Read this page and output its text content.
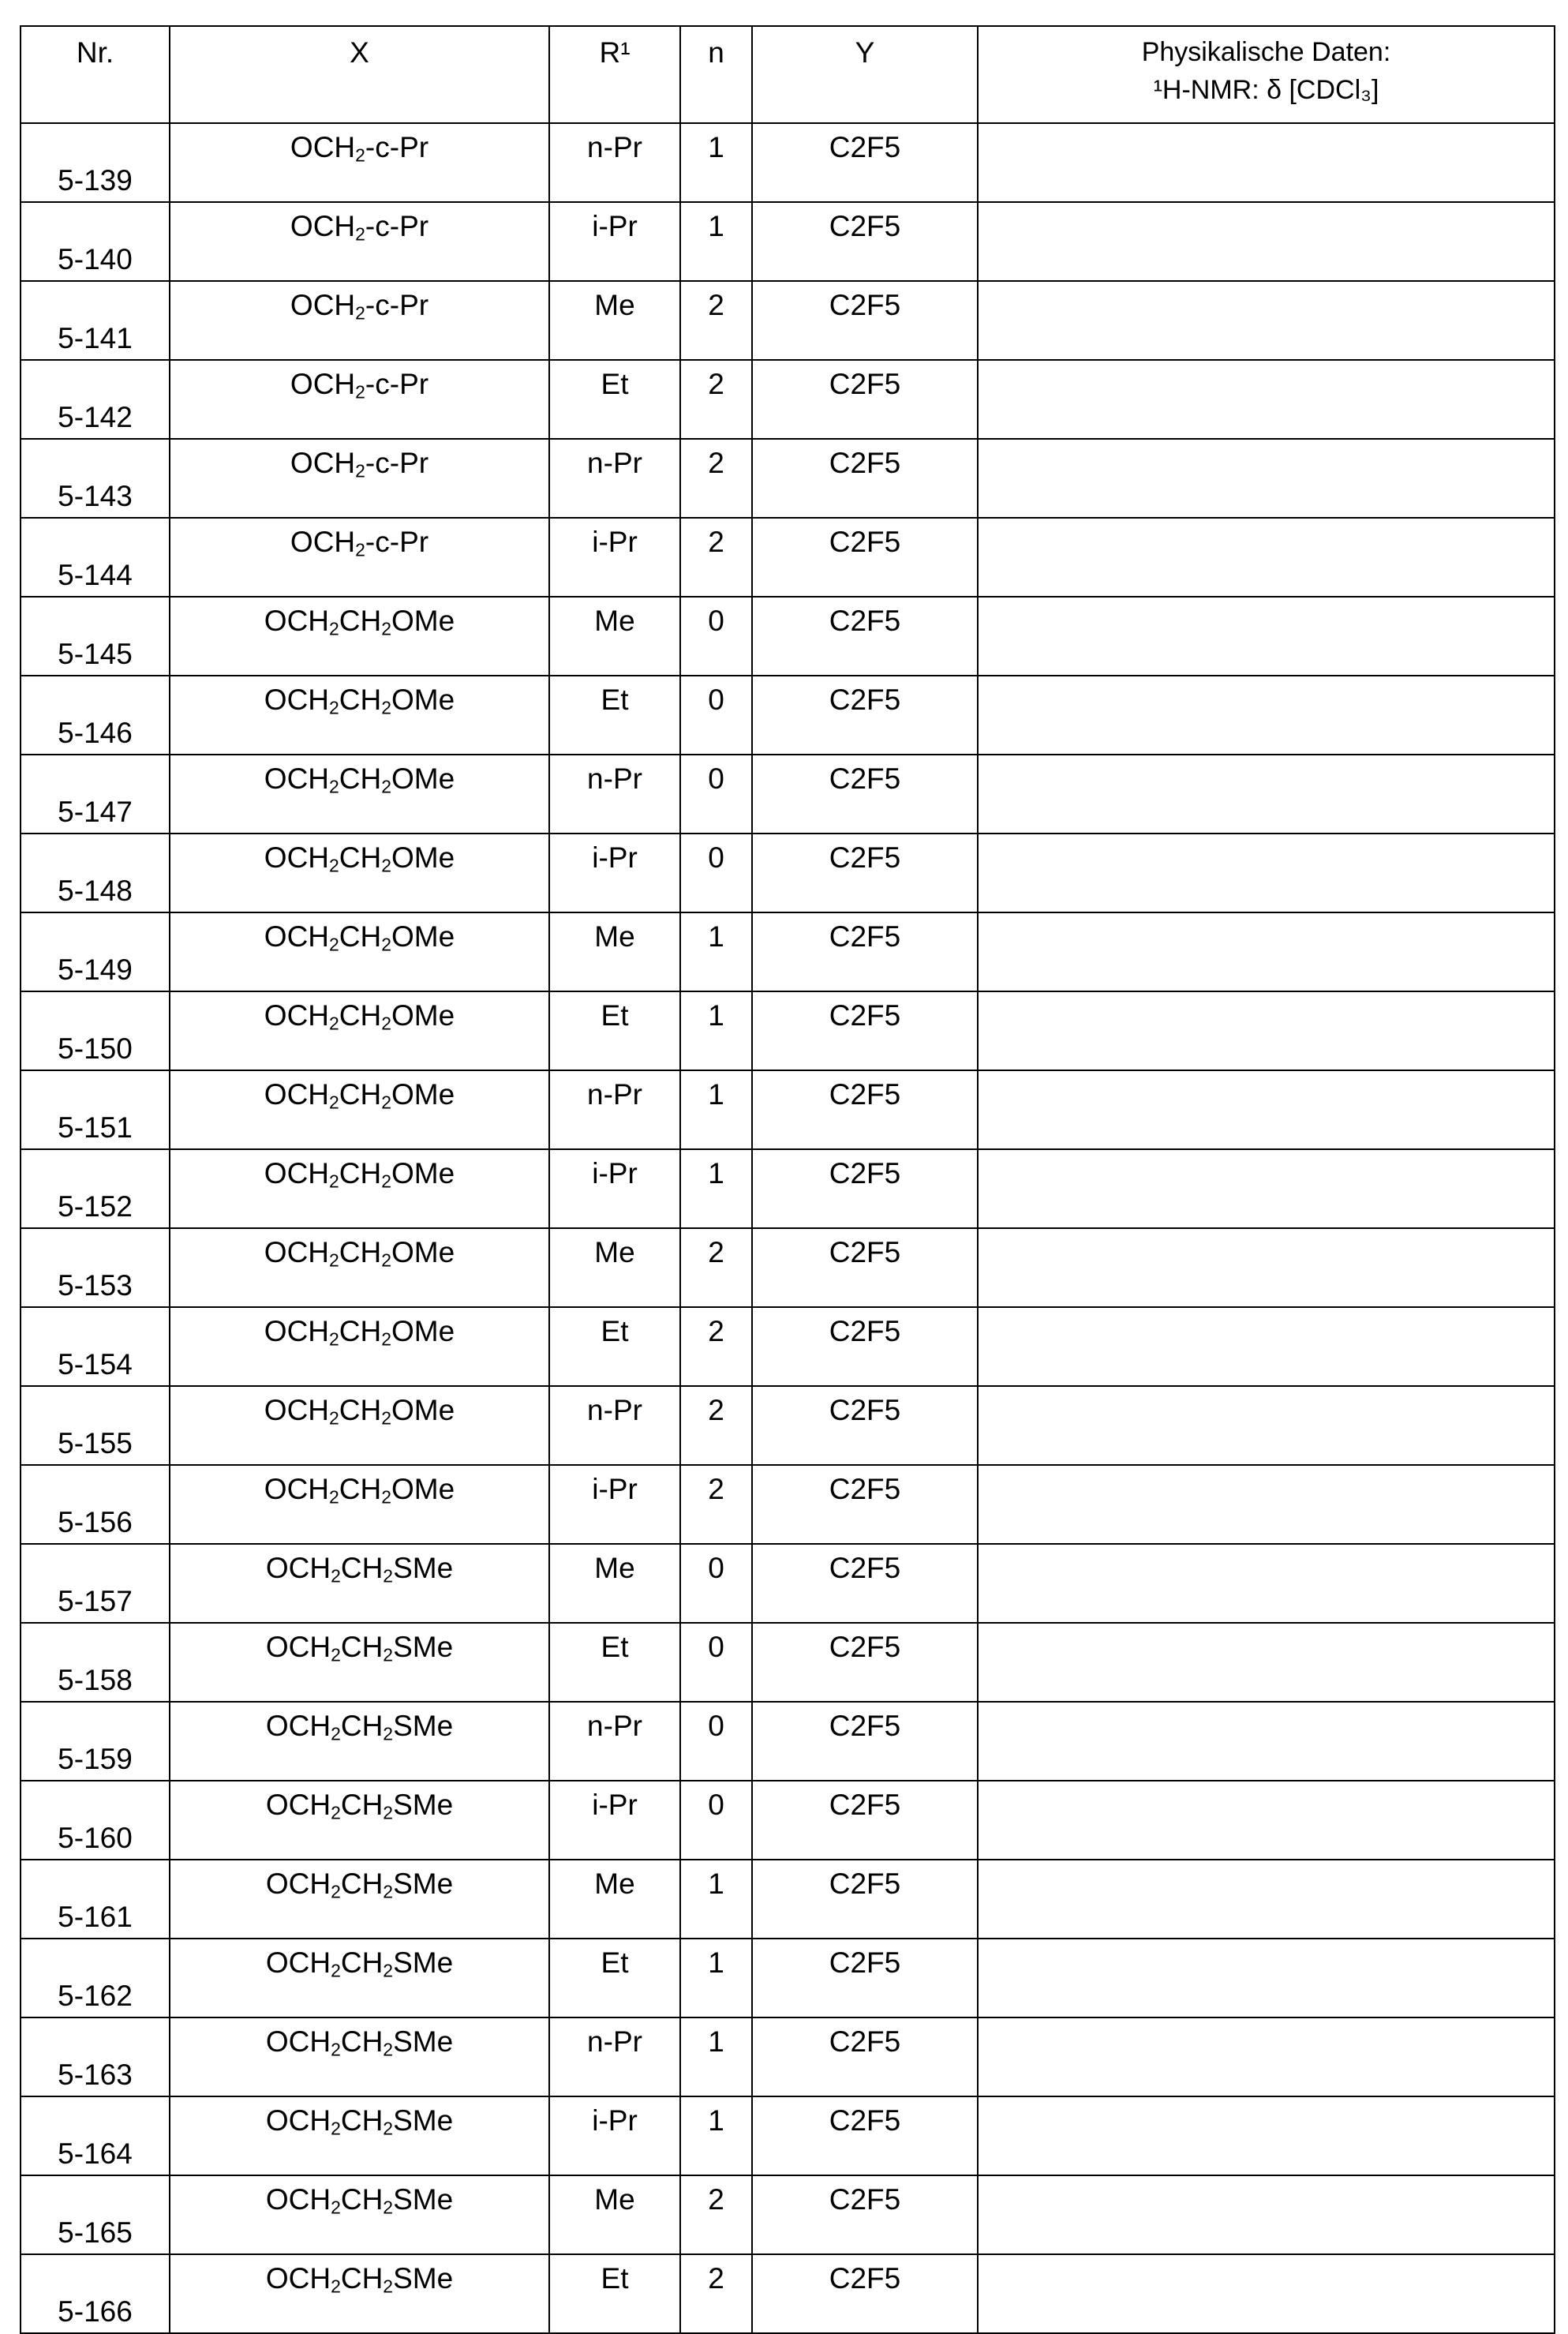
Nr.	X	R¹	n	Y	Physikalische Daten:
¹H-NMR: δ [CDCl₃]

5-139	OCH2-c-Pr	n-Pr	1	C2F5	
5-140	OCH2-c-Pr	i-Pr	1	C2F5	
5-141	OCH2-c-Pr	Me	2	C2F5	
5-142	OCH2-c-Pr	Et	2	C2F5	
5-143	OCH2-c-Pr	n-Pr	2	C2F5	
5-144	OCH2-c-Pr	i-Pr	2	C2F5	
5-145	OCH2CH2OMe	Me	0	C2F5	
5-146	OCH2CH2OMe	Et	0	C2F5	
5-147	OCH2CH2OMe	n-Pr	0	C2F5	
5-148	OCH2CH2OMe	i-Pr	0	C2F5	
5-149	OCH2CH2OMe	Me	1	C2F5	
5-150	OCH2CH2OMe	Et	1	C2F5	
5-151	OCH2CH2OMe	n-Pr	1	C2F5	
5-152	OCH2CH2OMe	i-Pr	1	C2F5	
5-153	OCH2CH2OMe	Me	2	C2F5	
5-154	OCH2CH2OMe	Et	2	C2F5	
5-155	OCH2CH2OMe	n-Pr	2	C2F5	
5-156	OCH2CH2OMe	i-Pr	2	C2F5	
5-157	OCH2CH2SMe	Me	0	C2F5	
5-158	OCH2CH2SMe	Et	0	C2F5	
5-159	OCH2CH2SMe	n-Pr	0	C2F5	
5-160	OCH2CH2SMe	i-Pr	0	C2F5	
5-161	OCH2CH2SMe	Me	1	C2F5	
5-162	OCH2CH2SMe	Et	1	C2F5	
5-163	OCH2CH2SMe	n-Pr	1	C2F5	
5-164	OCH2CH2SMe	i-Pr	1	C2F5	
5-165	OCH2CH2SMe	Me	2	C2F5	
5-166	OCH2CH2SMe	Et	2	C2F5	
